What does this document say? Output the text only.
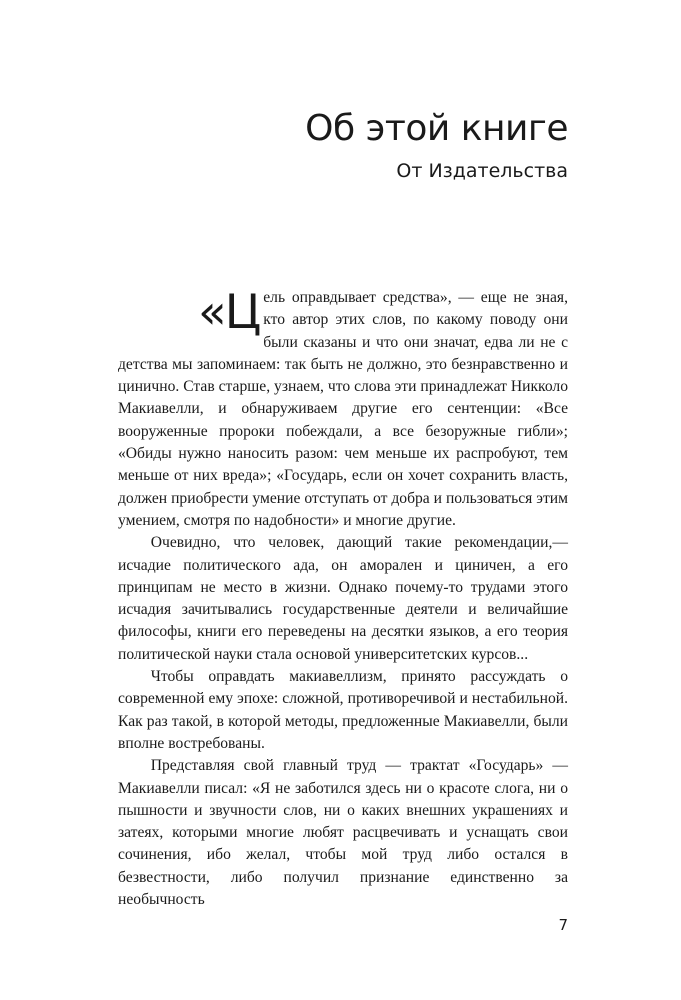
Об этой книге
От Издательства

«Цель оправдывает средства», — еще не зная, кто автор этих слов, по какому поводу они были сказаны и что они значат, едва ли не с детства мы запоминаем: так быть не должно, это безнравственно и цинично. Став старше, узнаем, что слова эти принадлежат Никколо Макиавелли, и обнаруживаем другие его сентенции: «Все вооруженные пророки побеждали, а все безоружные гибли»; «Обиды нужно наносить разом: чем меньше их распробуют, тем меньше от них вреда»; «Государь, если он хочет сохранить власть, должен приобрести умение отступать от добра и пользоваться этим умением, смотря по надобности» и многие другие.

Очевидно, что человек, дающий такие рекомендации,— исчадие политического ада, он аморален и циничен, а его принципам не место в жизни. Однако почему-то трудами этого исчадия зачитывались государственные деятели и величайшие философы, книги его переведены на десятки языков, а его теория политической науки стала основой университетских курсов...

Чтобы оправдать макиавеллизм, принято рассуждать о современной ему эпохе: сложной, противоречивой и нестабильной. Как раз такой, в которой методы, предложенные Макиавелли, были вполне востребованы.

Представляя свой главный труд — трактат «Государь» — Макиавелли писал: «Я не заботился здесь ни о красоте слога, ни о пышности и звучности слов, ни о каких внешних украшениях и затеях, которыми многие любят расцвечивать и уснащать свои сочинения, ибо желал, чтобы мой труд либо остался в безвестности, либо получил признание единственно за необычность

7
